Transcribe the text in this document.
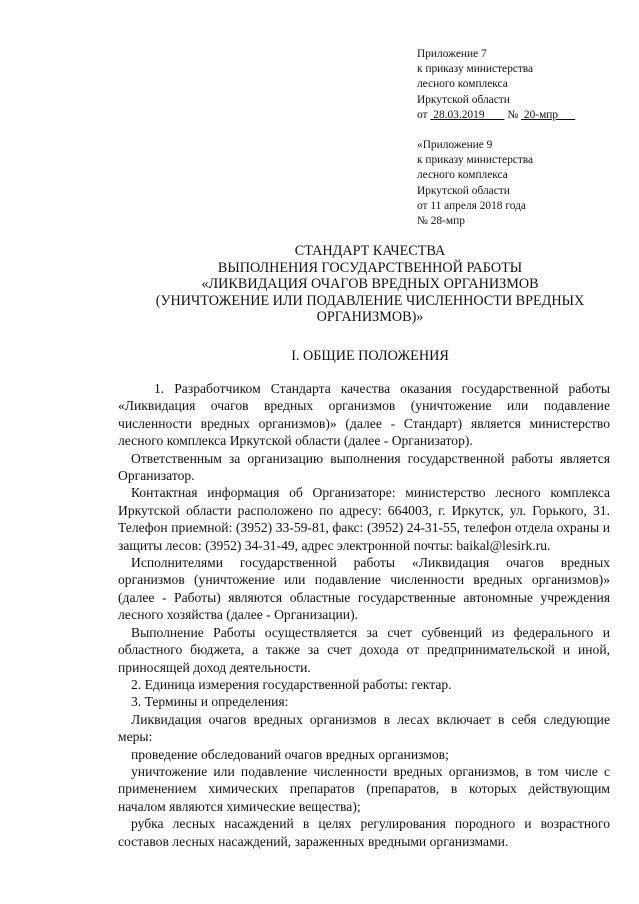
Приложение 7
к приказу министерства
лесного комплекса
Иркутской области
от 28.03.2019 № 20-мпр
«Приложение 9
к приказу министерства
лесного комплекса
Иркутской области
от 11 апреля 2018 года
№ 28-мпр
СТАНДАРТ КАЧЕСТВА
ВЫПОЛНЕНИЯ ГОСУДАРСТВЕННОЙ РАБОТЫ
«ЛИКВИДАЦИЯ ОЧАГОВ ВРЕДНЫХ ОРГАНИЗМОВ
(УНИЧТОЖЕНИЕ ИЛИ ПОДАВЛЕНИЕ ЧИСЛЕННОСТИ ВРЕДНЫХ
ОРГАНИЗМОВ)»
I. ОБЩИЕ ПОЛОЖЕНИЯ

1. Разработчиком Стандарта качества оказания государственной работы «Ликвидация очагов вредных организмов (уничтожение или подавление численности вредных организмов)» (далее - Стандарт) является министерство лесного комплекса Иркутской области (далее - Организатор).

Ответственным за организацию выполнения государственной работы является Организатор.

Контактная информация об Организаторе: министерство лесного комплекса Иркутской области расположено по адресу: 664003, г. Иркутск, ул. Горького, 31. Телефон приемной: (3952) 33-59-81, факс: (3952) 24-31-55, телефон отдела охраны и защиты лесов: (3952) 34-31-49, адрес электронной почты: baikal@lesirk.ru.

Исполнителями государственной работы «Ликвидация очагов вредных организмов (уничтожение или подавление численности вредных организмов)» (далее - Работы) являются областные государственные автономные учреждения лесного хозяйства (далее - Организации).

Выполнение Работы осуществляется за счет субвенций из федерального и областного бюджета, а также за счет дохода от предпринимательской и иной, приносящей доход деятельности.

2. Единица измерения государственной работы: гектар.

3. Термины и определения:

Ликвидация очагов вредных организмов в лесах включает в себя следующие меры:

проведение обследований очагов вредных организмов;

уничтожение или подавление численности вредных организмов, в том числе с применением химических препаратов (препаратов, в которых действующим началом являются химические вещества);

рубка лесных насаждений в целях регулирования породного и возрастного составов лесных насаждений, зараженных вредными организмами.
